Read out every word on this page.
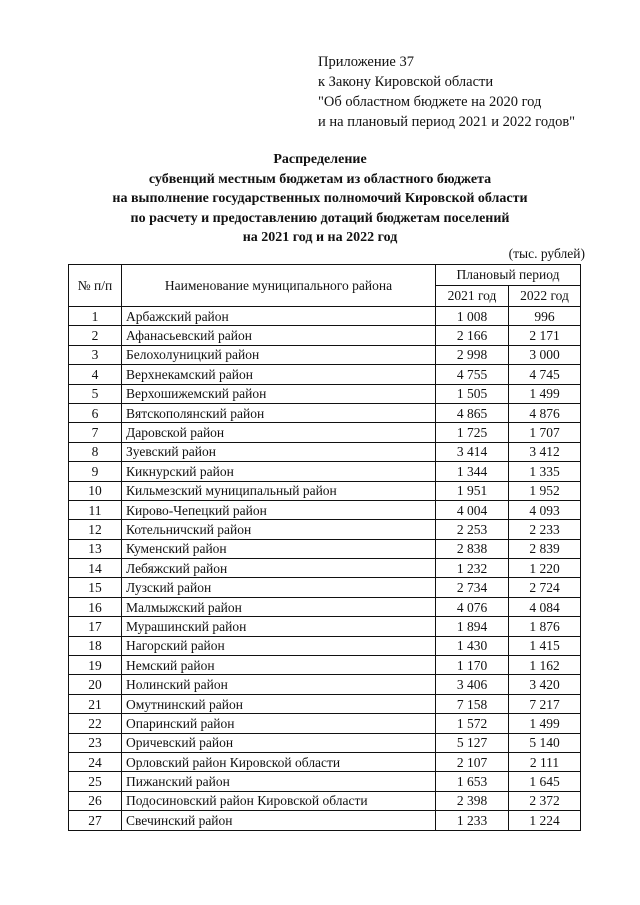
Приложение 37
к Закону Кировской области
"Об областном бюджете на 2020 год
и на плановый период 2021 и 2022 годов"
Распределение
субвенций местным бюджетам из областного бюджета
на выполнение государственных полномочий Кировской области
по расчету и предоставлению дотаций бюджетам поселений
на 2021 год и на 2022 год
(тыс. рублей)
№ п/п	Наименование муниципального района	Плановый период	
		2021 год	2022 год
1	Арбажский район	1 008	996
2	Афанасьевский район	2 166	2 171
3	Белохолуницкий район	2 998	3 000
4	Верхнекамский район	4 755	4 745
5	Верхошижемский район	1 505	1 499
6	Вятскополянский район	4 865	4 876
7	Даровской район	1 725	1 707
8	Зуевский район	3 414	3 412
9	Кикнурский район	1 344	1 335
10	Кильмезский муниципальный район	1 951	1 952
11	Кирово-Чепецкий район	4 004	4 093
12	Котельничский район	2 253	2 233
13	Куменский район	2 838	2 839
14	Лебяжский район	1 232	1 220
15	Лузский район	2 734	2 724
16	Малмыжский район	4 076	4 084
17	Мурашинский район	1 894	1 876
18	Нагорский район	1 430	1 415
19	Немский район	1 170	1 162
20	Нолинский район	3 406	3 420
21	Омутнинский район	7 158	7 217
22	Опаринский район	1 572	1 499
23	Оричевский район	5 127	5 140
24	Орловский район Кировской области	2 107	2 111
25	Пижанский район	1 653	1 645
26	Подосиновский район Кировской области	2 398	2 372
27	Свечинский район	1 233	1 224
